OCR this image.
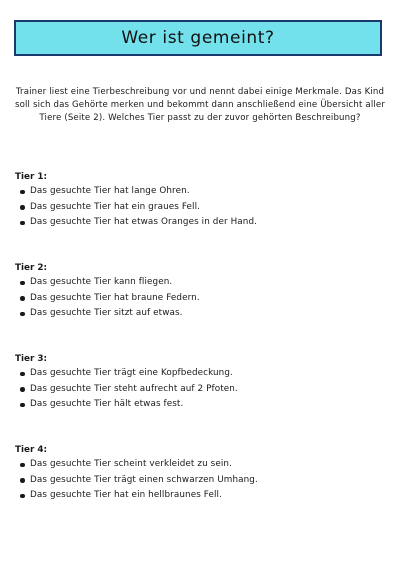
Wer ist gemeint?
Trainer liest eine Tierbeschreibung vor und nennt dabei einige Merkmale. Das Kind soll sich das Gehörte merken und bekommt dann anschließend eine Übersicht aller Tiere (Seite 2). Welches Tier passt zu der zuvor gehörten Beschreibung?
Tier 1:
Das gesuchte Tier hat lange Ohren.
Das gesuchte Tier hat ein graues Fell.
Das gesuchte Tier hat etwas Oranges in der Hand.
Tier 2:
Das gesuchte Tier kann fliegen.
Das gesuchte Tier hat braune Federn.
Das gesuchte Tier sitzt auf etwas.
Tier 3:
Das gesuchte Tier trägt eine Kopfbedeckung.
Das gesuchte Tier steht aufrecht auf 2 Pfoten.
Das gesuchte Tier hält etwas fest.
Tier 4:
Das gesuchte Tier scheint verkleidet zu sein.
Das gesuchte Tier trägt einen schwarzen Umhang.
Das gesuchte Tier hat ein hellbraunes Fell.
